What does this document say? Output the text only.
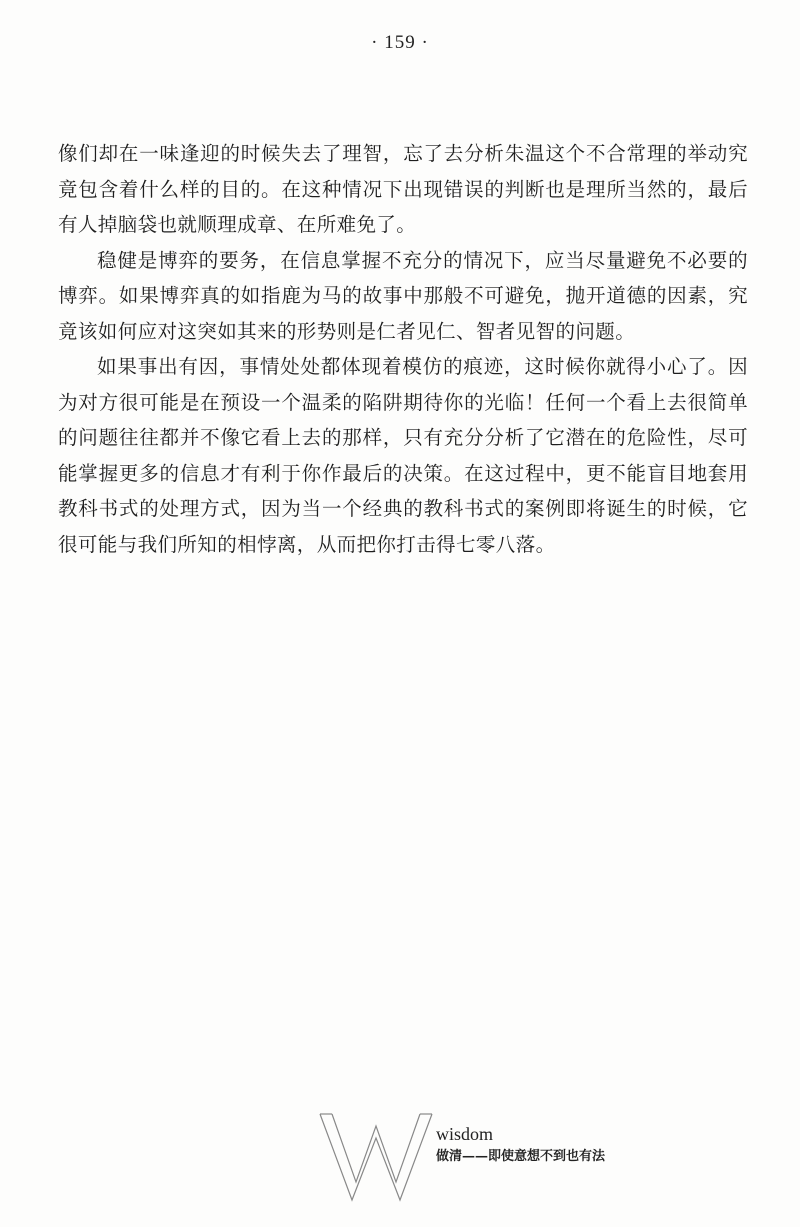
· 159 ·

像们却在一味逢迎的时候失去了理智，忘了去分析朱温这个不合常理的举动究竟包含着什么样的目的。在这种情况下出现错误的判断也是理所当然的，最后有人掉脑袋也就顺理成章、在所难免了。

稳健是博弈的要务，在信息掌握不充分的情况下，应当尽量避免不必要的博弈。如果博弈真的如指鹿为马的故事中那般不可避免，抛开道德的因素，究竟该如何应对这突如其来的形势则是仁者见仁、智者见智的问题。

如果事出有因，事情处处都体现着模仿的痕迹，这时候你就得小心了。因为对方很可能是在预设一个温柔的陷阱期待你的光临！任何一个看上去很简单的问题往往都并不像它看上去的那样，只有充分分析了它潜在的危险性，尽可能掌握更多的信息才有利于你作最后的决策。在这过程中，更不能盲目地套用教科书式的处理方式，因为当一个经典的教科书式的案例即将诞生的时候，它很可能与我们所知的相悖离，从而把你打击得七零八落。

wisdom
做清——即使意想不到也有法
